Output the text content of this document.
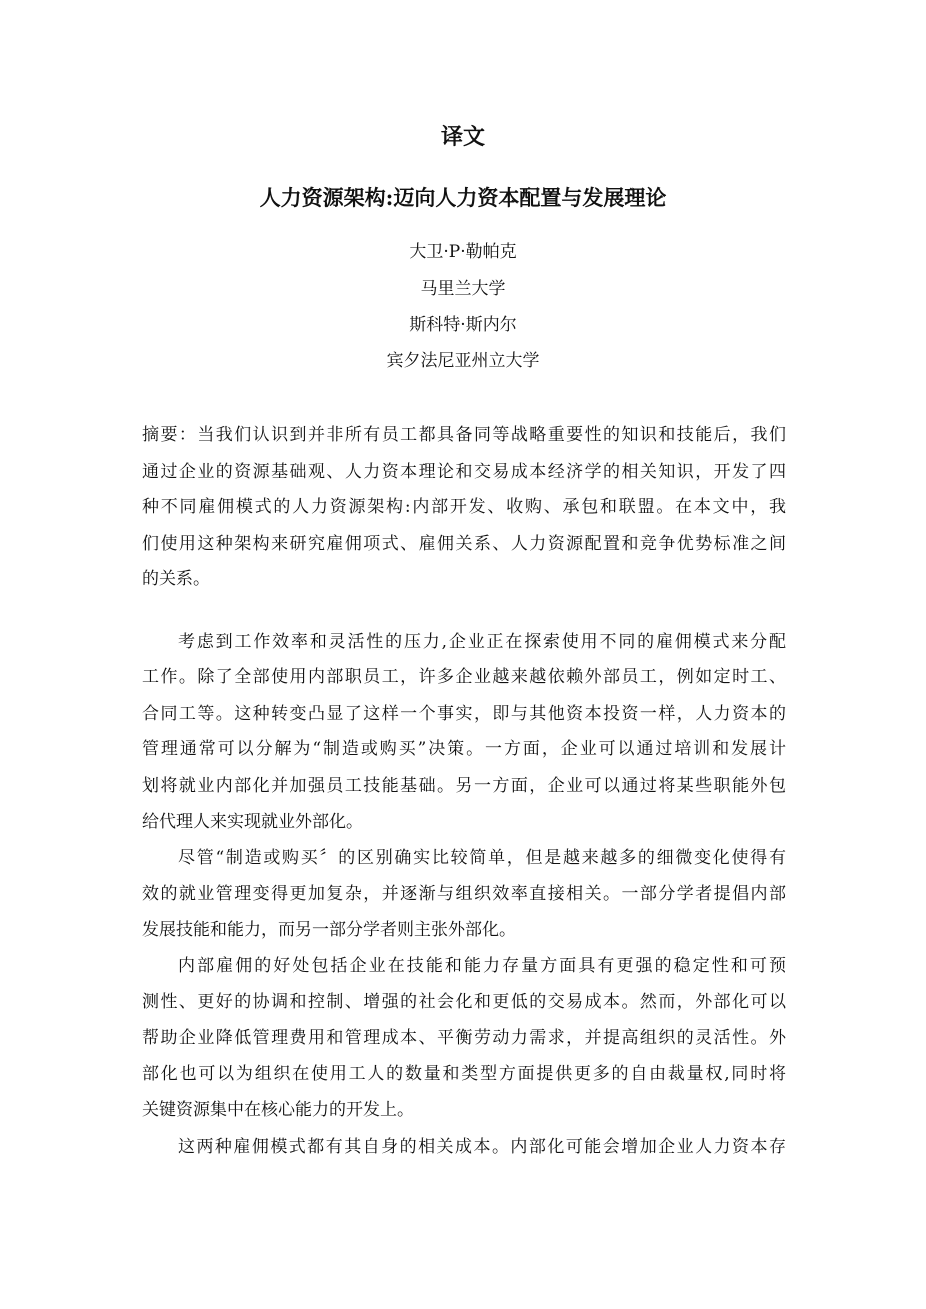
译文
人力资源架构:迈向人力资本配置与发展理论
大卫·P·勒帕克
马里兰大学
斯科特·斯内尔
宾夕法尼亚州立大学
摘要：当我们认识到并非所有员工都具备同等战略重要性的知识和技能后，我们
通过企业的资源基础观、人力资本理论和交易成本经济学的相关知识，开发了四
种不同雇佣模式的人力资源架构:内部开发、收购、承包和联盟。在本文中，我
们使用这种架构来研究雇佣项式、雇佣关系、人力资源配置和竞争优势标准之间
的关系。
考虑到工作效率和灵活性的压力,企业正在探索使用不同的雇佣模式来分配
工作。除了全部使用内部职员工，许多企业越来越依赖外部员工，例如定时工、
合同工等。这种转变凸显了这样一个事实，即与其他资本投资一样，人力资本的
管理通常可以分解为“制造或购买”决策。一方面，企业可以通过培训和发展计
划将就业内部化并加强员工技能基础。另一方面，企业可以通过将某些职能外包
给代理人来实现就业外部化。
尽管“制造或购买〞的区别确实比较简单，但是越来越多的细微变化使得有
效的就业管理变得更加复杂，并逐渐与组织效率直接相关。一部分学者提倡内部
发展技能和能力，而另一部分学者则主张外部化。
内部雇佣的好处包括企业在技能和能力存量方面具有更强的稳定性和可预
测性、更好的协调和控制、增强的社会化和更低的交易成本。然而，外部化可以
帮助企业降低管理费用和管理成本、平衡劳动力需求，并提高组织的灵活性。外
部化也可以为组织在使用工人的数量和类型方面提供更多的自由裁量权,同时将
关键资源集中在核心能力的开发上。
这两种雇佣模式都有其自身的相关成本。内部化可能会增加企业人力资本存
